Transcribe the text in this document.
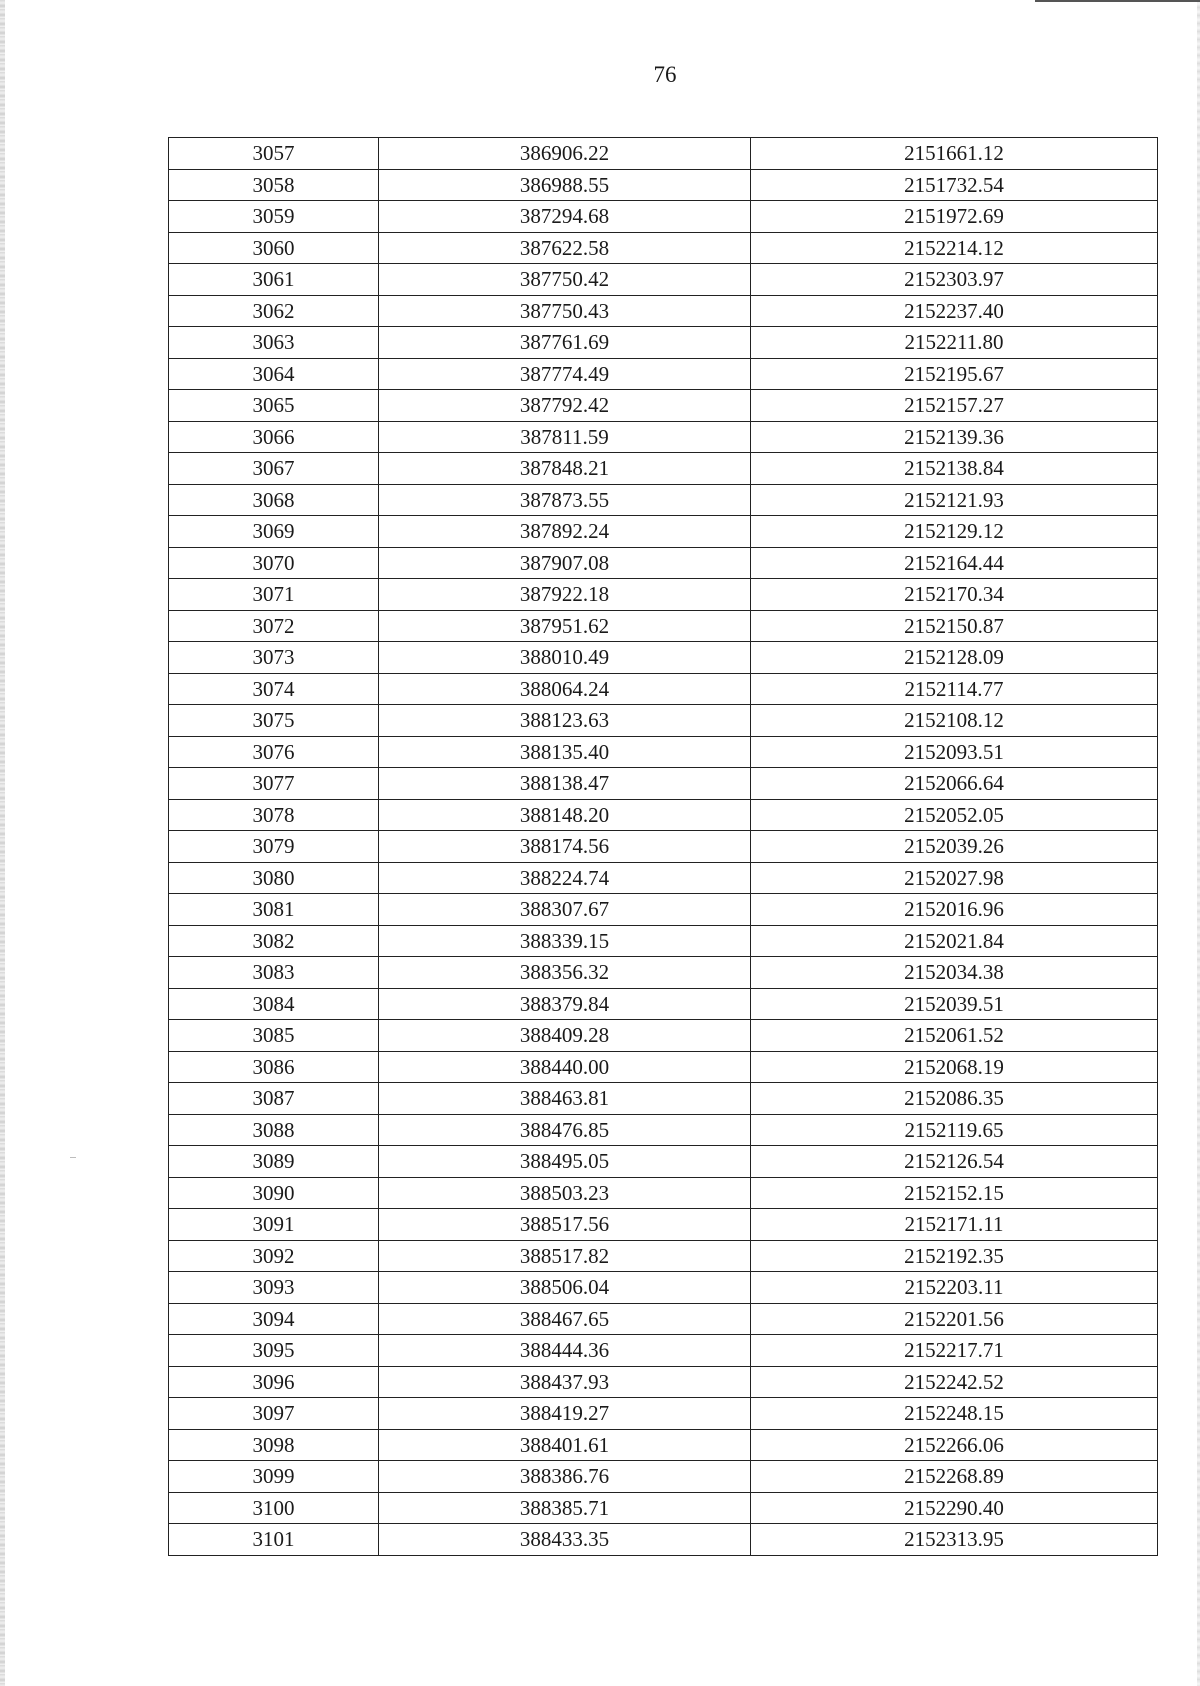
76
3057	386906.22	2151661.12
3058	386988.55	2151732.54
3059	387294.68	2151972.69
3060	387622.58	2152214.12
3061	387750.42	2152303.97
3062	387750.43	2152237.40
3063	387761.69	2152211.80
3064	387774.49	2152195.67
3065	387792.42	2152157.27
3066	387811.59	2152139.36
3067	387848.21	2152138.84
3068	387873.55	2152121.93
3069	387892.24	2152129.12
3070	387907.08	2152164.44
3071	387922.18	2152170.34
3072	387951.62	2152150.87
3073	388010.49	2152128.09
3074	388064.24	2152114.77
3075	388123.63	2152108.12
3076	388135.40	2152093.51
3077	388138.47	2152066.64
3078	388148.20	2152052.05
3079	388174.56	2152039.26
3080	388224.74	2152027.98
3081	388307.67	2152016.96
3082	388339.15	2152021.84
3083	388356.32	2152034.38
3084	388379.84	2152039.51
3085	388409.28	2152061.52
3086	388440.00	2152068.19
3087	388463.81	2152086.35
3088	388476.85	2152119.65
3089	388495.05	2152126.54
3090	388503.23	2152152.15
3091	388517.56	2152171.11
3092	388517.82	2152192.35
3093	388506.04	2152203.11
3094	388467.65	2152201.56
3095	388444.36	2152217.71
3096	388437.93	2152242.52
3097	388419.27	2152248.15
3098	388401.61	2152266.06
3099	388386.76	2152268.89
3100	388385.71	2152290.40
3101	388433.35	2152313.95
